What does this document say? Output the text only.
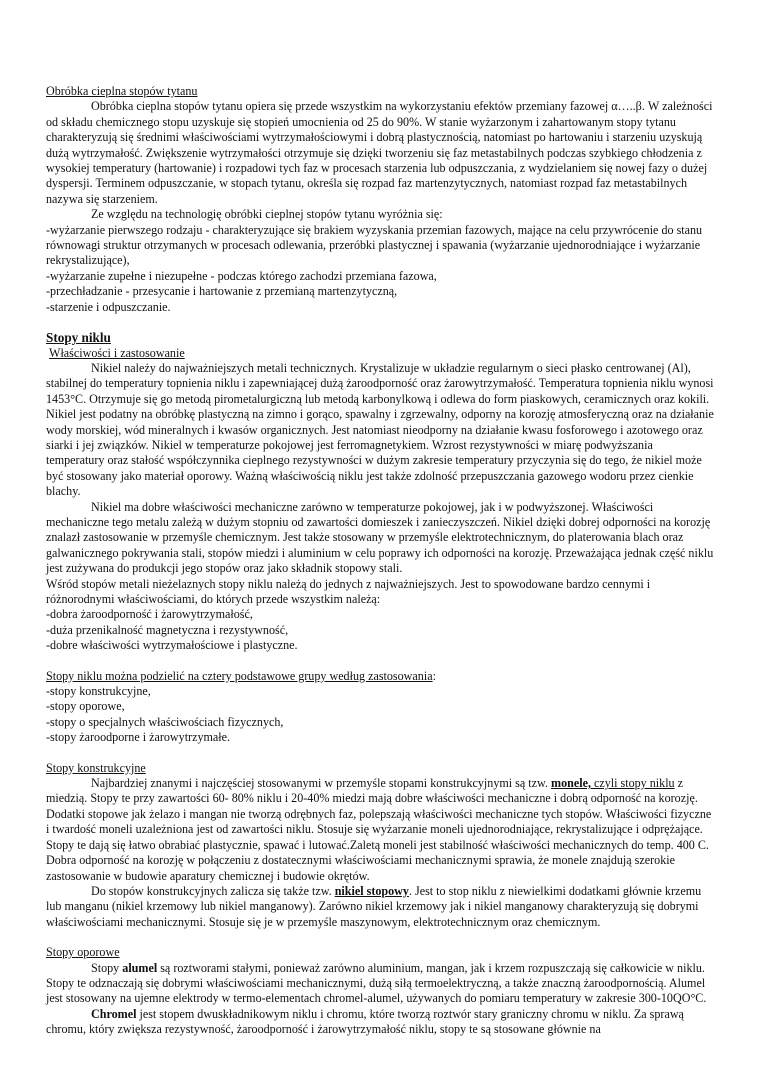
Obróbka cieplna stopów tytanu

Obróbka cieplna stopów tytanu opiera się przede wszystkim na wykorzystaniu efektów przemiany fazowej α…..β. W zależności od składu chemicznego stopu uzyskuje się stopień umocnienia od 25 do 90%. W stanie wyżarzonym i zahartowanym stopy tytanu charakteryzują się średnimi właściwościami wytrzymałościowymi i dobrą plastycznością, natomiast po hartowaniu i starzeniu uzyskują dużą wytrzymałość. Zwiększenie wytrzymałości otrzymuje się dzięki tworzeniu się faz metastabilnych podczas szybkiego chłodzenia z wysokiej temperatury (hartowanie) i rozpadowi tych faz w procesach starzenia lub odpuszczania, z wydzielaniem się nowej fazy o dużej dyspersji. Terminem odpuszczanie, w stopach tytanu, określa się rozpad faz martenzytycznych, natomiast rozpad faz metastabilnych nazywa się starzeniem.

Ze względu na technologię obróbki cieplnej stopów tytanu wyróżnia się:

-wyżarzanie pierwszego rodzaju - charakteryzujące się brakiem wyzyskania przemian fazowych, mające na celu przywrócenie do stanu równowagi struktur otrzymanych w procesach odlewania, przeróbki plastycznej i spawania (wyżarzanie ujednorodniające i wyżarzanie rekrystalizujące),

-wyżarzanie zupełne i niezupełne - podczas którego zachodzi przemiana fazowa,

-przechładzanie - przesycanie i hartowanie z przemianą martenzytyczną,

-starzenie i odpuszczanie.

Stopy niklu

Właściwości i zastosowanie

Nikiel należy do najważniejszych metali technicznych. Krystalizuje w układzie regularnym o sieci płasko centrowanej (Al), stabilnej do temperatury topnienia niklu i zapewniającej dużą żaroodporność oraz żarowytrzymałość. Temperatura topnienia niklu wynosi 1453°C. Otrzymuje się go metodą pirometalurgiczną lub metodą karbonylkową i odlewa do form piaskowych, ceramicznych oraz kokili. Nikiel jest podatny na obróbkę plastyczną na zimno i gorąco, spawalny i zgrzewalny, odporny na korozję atmosferyczną oraz na działanie wody morskiej, wód mineralnych i kwasów organicznych. Jest natomiast nieodporny na działanie kwasu fosforowego i azotowego oraz siarki i jej związków. Nikiel w temperaturze pokojowej jest ferromagnetykiem. Wzrost rezystywności w miarę podwyższania temperatury oraz stałość współczynnika cieplnego rezystywności w dużym zakresie temperatury przyczynia się do tego, że nikiel może być stosowany jako materiał oporowy. Ważną właściwością niklu jest także zdolność przepuszczania gazowego wodoru przez cienkie blachy.

Nikiel ma dobre właściwości mechaniczne zarówno w temperaturze pokojowej, jak i w podwyższonej. Właściwości mechaniczne tego metalu zależą w dużym stopniu od zawartości domieszek i zanieczyszczeń. Nikiel dzięki dobrej odporności na korozję znalazł zastosowanie w przemyśle chemicznym. Jest także stosowany w przemyśle elektrotechnicznym, do platerowania blach oraz galwanicznego pokrywania stali, stopów miedzi i aluminium w celu poprawy ich odporności na korozję. Przeważająca jednak część niklu jest zużywana do produkcji jego stopów oraz jako składnik stopowy stali.

Wśród stopów metali nieżelaznych stopy niklu należą do jednych z najważniejszych. Jest to spowodowane bardzo cennymi i różnorodnymi właściwościami, do których przede wszystkim należą:

-dobra żaroodporność i żarowytrzymałość,

-duża przenikalność magnetyczna i rezystywność,

-dobre właściwości wytrzymałościowe i plastyczne.

Stopy niklu można podzielić na cztery podstawowe grupy według zastosowania:

-stopy konstrukcyjne,

-stopy oporowe,

-stopy o specjalnych właściwościach fizycznych,

-stopy żaroodporne i żarowytrzymałe.

Stopy konstrukcyjne

Najbardziej znanymi i najczęściej stosowanymi w przemyśle stopami konstrukcyjnymi są tzw. monele, czyli stopy niklu z miedzią. Stopy te przy zawartości 60- 80% niklu i 20-40% miedzi mają dobre właściwości mechaniczne i dobrą odporność na korozję. Dodatki stopowe jak żelazo i mangan nie tworzą odrębnych faz, polepszają właściwości mechaniczne tych stopów. Właściwości fizyczne i twardość moneli uzależniona jest od zawartości niklu. Stosuje się wyżarzanie moneli ujednorodniające, rekrystalizujące i odprężające. Stopy te dają się łatwo obrabiać plastycznie, spawać i lutować.Zaletą moneli jest stabilność właściwości mechanicznych do temp. 400 C. Dobra odporność na korozję w połączeniu z dostatecznymi właściwościami mechanicznymi sprawia, że monele znajdują szerokie zastosowanie w budowie aparatury chemicznej i budowie okrętów.

Do stopów konstrukcyjnych zalicza się także tzw. nikiel stopowy. Jest to stop niklu z niewielkimi dodatkami głównie krzemu lub manganu (nikiel krzemowy lub nikiel manganowy). Zarówno nikiel krzemowy jak i nikiel manganowy charakteryzują się dobrymi właściwościami mechanicznymi. Stosuje się je w przemyśle maszynowym, elektrotechnicznym oraz chemicznym.

Stopy oporowe

Stopy alumel są roztworami stałymi, ponieważ zarówno aluminium, mangan, jak i krzem rozpuszczają się całkowicie w niklu. Stopy te odznaczają się dobrymi właściwościami mechanicznymi, dużą siłą termoelektryczną, a także znaczną żaroodpornością. Alumel jest stosowany na ujemne elektrody w termo-elementach chromel-alumel, używanych do pomiaru temperatury w zakresie 300-10QO°C.

Chromel jest stopem dwuskładnikowym niklu i chromu, które tworzą roztwór stary graniczny chromu w niklu. Za sprawą chromu, który zwiększa rezystywność, żaroodporność i żarowytrzymałość niklu, stopy te są stosowane głównie na
